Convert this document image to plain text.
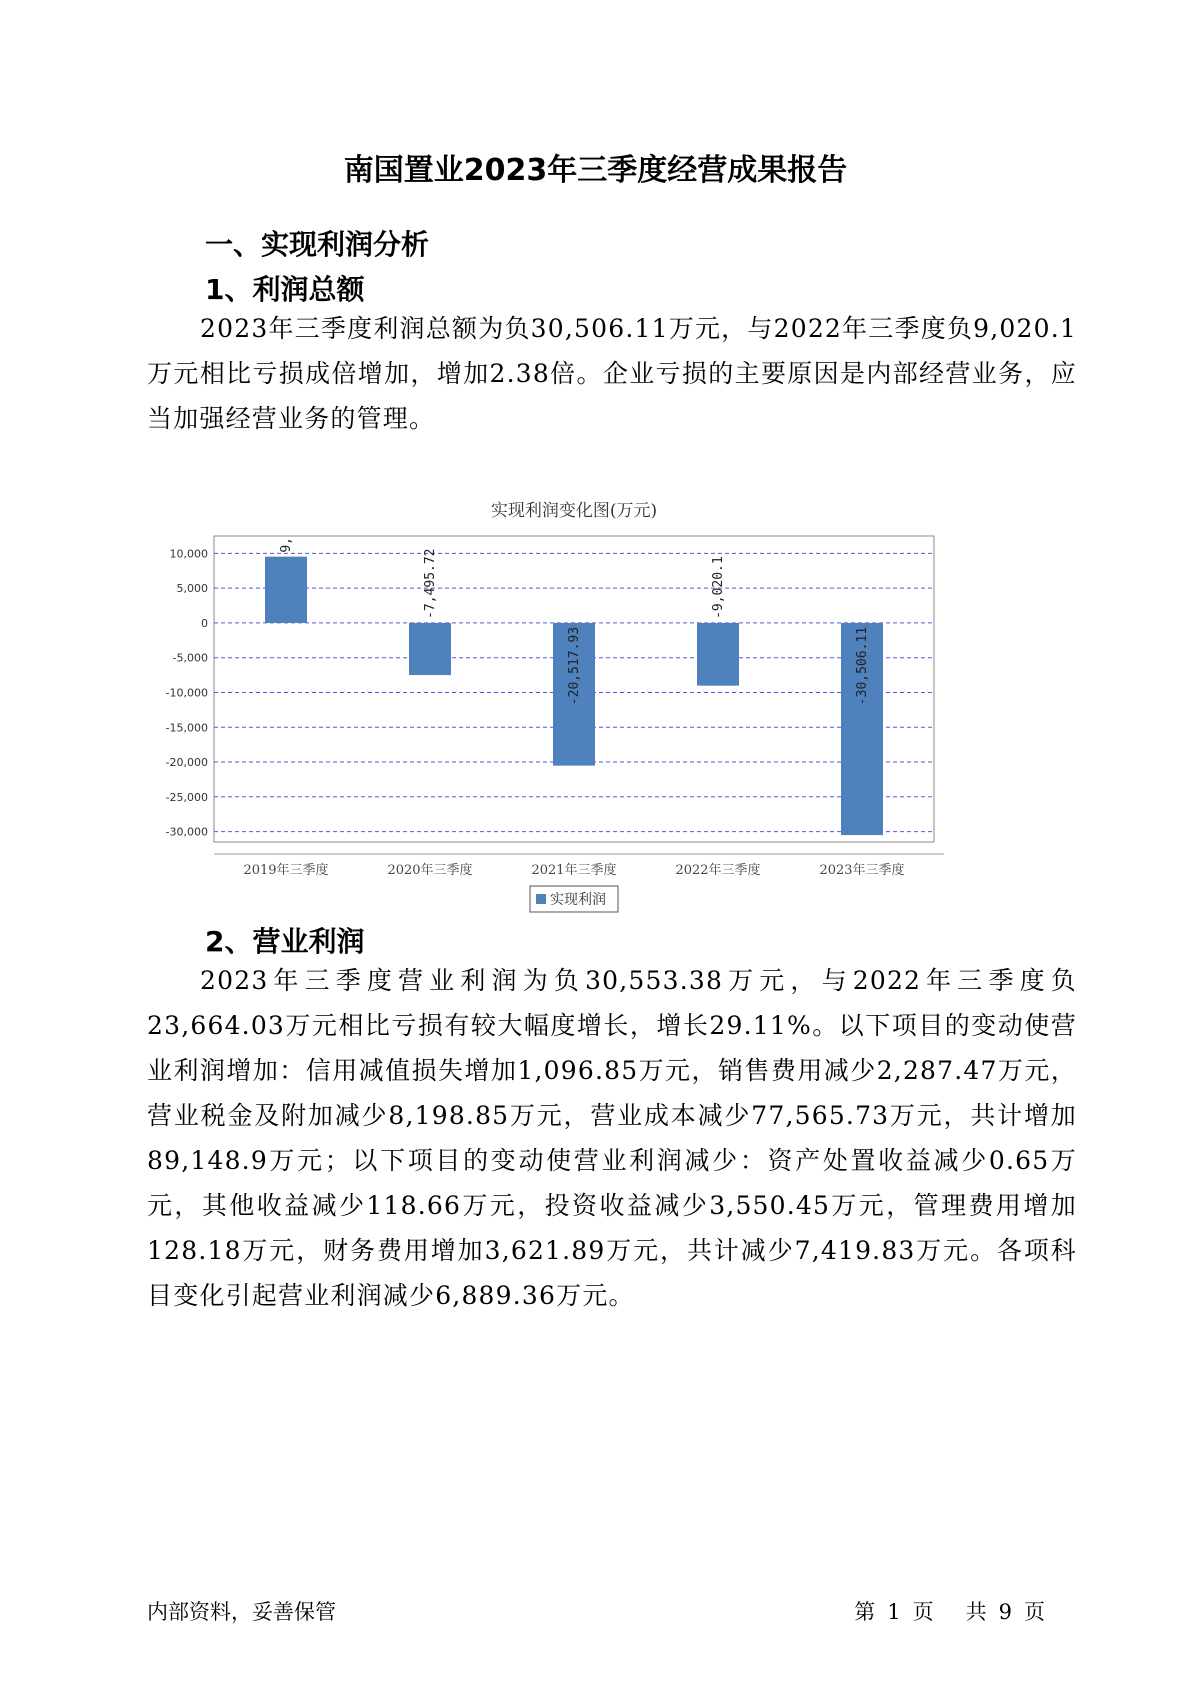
南国置业2023年三季度经营成果报告
一、实现利润分析
1、利润总额
2023年三季度利润总额为负30,506.11万元，与2022年三季度负9,020.1万元相比亏损成倍增加，增加2.38倍。企业亏损的主要原因是内部经营业务，应当加强经营业务的管理。
实现利润变化图(万元)
10,000
5,000
0
-5,000
-10,000
-15,000
-20,000
-25,000
-30,000
9,
-7,495.72
-20,517.93
-9,020.1
-30,506.11
2019年三季度	2020年三季度	2021年三季度	2022年三季度	2023年三季度
实现利润
2、营业利润
2023年三季度营业利润为负30,553.38万元，与2022年三季度负23,664.03万元相比亏损有较大幅度增长，增长29.11%。以下项目的变动使营业利润增加：信用减值损失增加1,096.85万元，销售费用减少2,287.47万元，营业税金及附加减少8,198.85万元，营业成本减少77,565.73万元，共计增加89,148.9万元；以下项目的变动使营业利润减少：资产处置收益减少0.65万元，其他收益减少118.66万元，投资收益减少3,550.45万元，管理费用增加128.18万元，财务费用增加3,621.89万元，共计减少7,419.83万元。各项科目变化引起营业利润减少6,889.36万元。
内部资料，妥善保管	第 1 页 共 9 页
